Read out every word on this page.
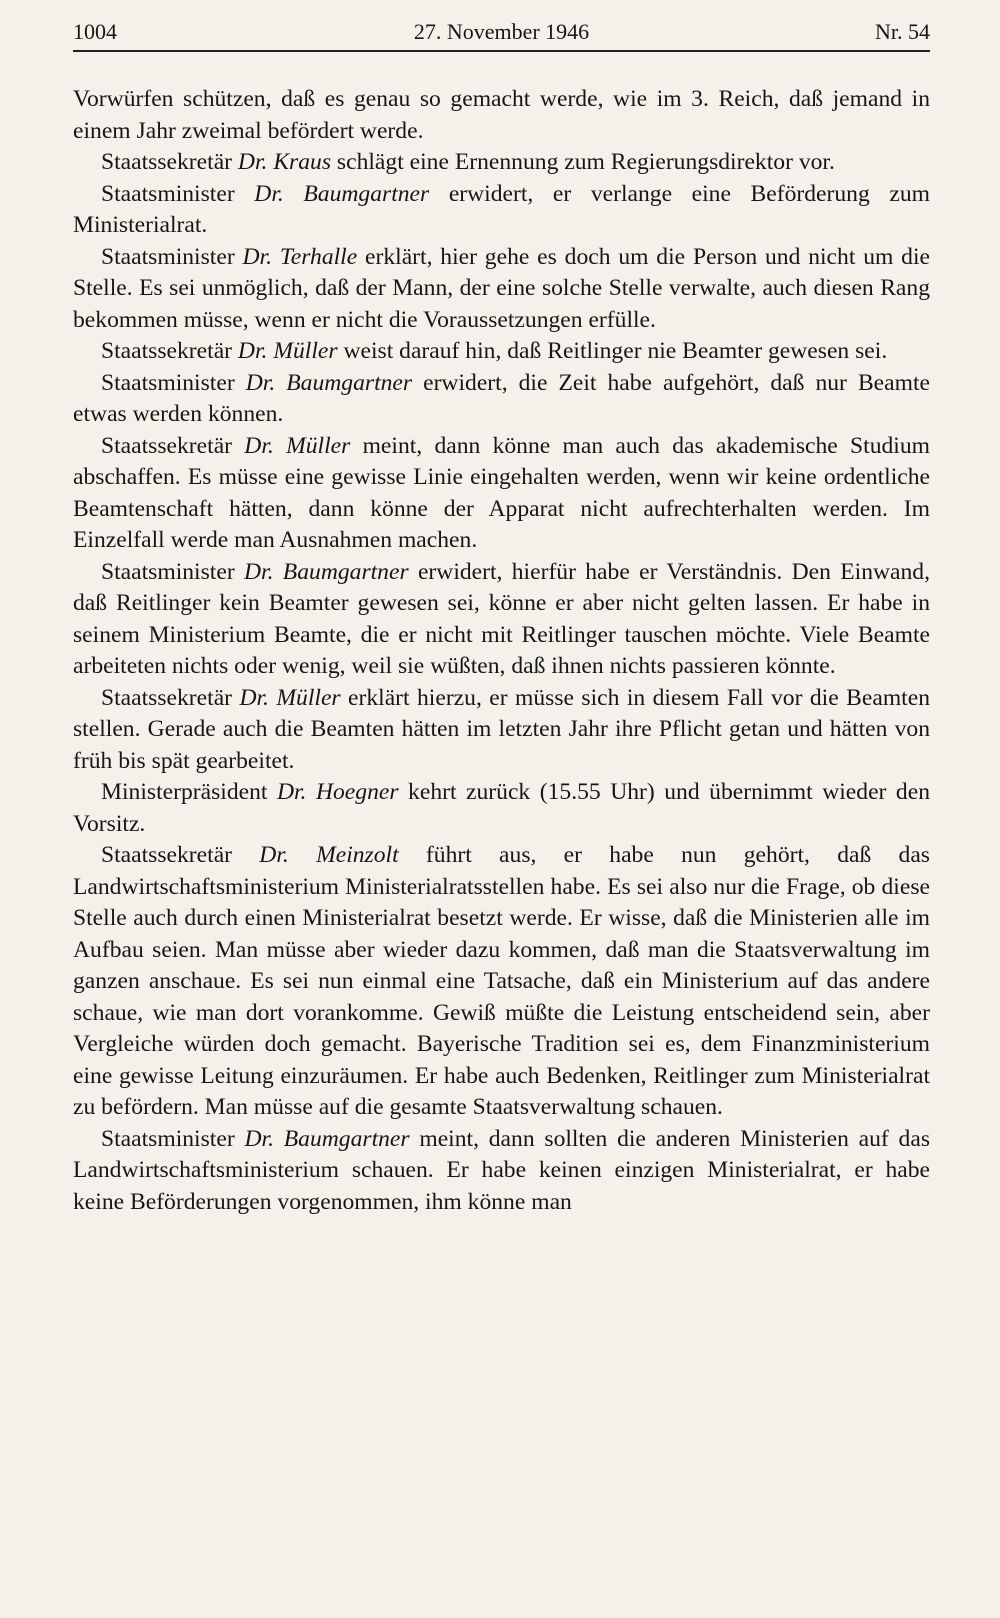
1004	27. November 1946	Nr. 54

Vorwürfen schützen, daß es genau so gemacht werde, wie im 3. Reich, daß jemand in einem Jahr zweimal befördert werde.

Staatssekretär Dr. Kraus schlägt eine Ernennung zum Regierungsdirektor vor.

Staatsminister Dr. Baumgartner erwidert, er verlange eine Beförderung zum Ministerialrat.

Staatsminister Dr. Terhalle erklärt, hier gehe es doch um die Person und nicht um die Stelle. Es sei unmöglich, daß der Mann, der eine solche Stelle verwalte, auch diesen Rang bekommen müsse, wenn er nicht die Voraussetzungen erfülle.

Staatssekretär Dr. Müller weist darauf hin, daß Reitlinger nie Beamter gewesen sei.

Staatsminister Dr. Baumgartner erwidert, die Zeit habe aufgehört, daß nur Beamte etwas werden können.

Staatssekretär Dr. Müller meint, dann könne man auch das akademische Studium abschaffen. Es müsse eine gewisse Linie eingehalten werden, wenn wir keine ordentliche Beamtenschaft hätten, dann könne der Apparat nicht aufrechterhalten werden. Im Einzelfall werde man Ausnahmen machen.

Staatsminister Dr. Baumgartner erwidert, hierfür habe er Verständnis. Den Einwand, daß Reitlinger kein Beamter gewesen sei, könne er aber nicht gelten lassen. Er habe in seinem Ministerium Beamte, die er nicht mit Reitlinger tauschen möchte. Viele Beamte arbeiteten nichts oder wenig, weil sie wüßten, daß ihnen nichts passieren könnte.

Staatssekretär Dr. Müller erklärt hierzu, er müsse sich in diesem Fall vor die Beamten stellen. Gerade auch die Beamten hätten im letzten Jahr ihre Pflicht getan und hätten von früh bis spät gearbeitet.

Ministerpräsident Dr. Hoegner kehrt zurück (15.55 Uhr) und übernimmt wieder den Vorsitz.

Staatssekretär Dr. Meinzolt führt aus, er habe nun gehört, daß das Landwirtschaftsministerium Ministerialratsstellen habe. Es sei also nur die Frage, ob diese Stelle auch durch einen Ministerialrat besetzt werde. Er wisse, daß die Ministerien alle im Aufbau seien. Man müsse aber wieder dazu kommen, daß man die Staatsverwaltung im ganzen anschaue. Es sei nun einmal eine Tatsache, daß ein Ministerium auf das andere schaue, wie man dort vorankomme. Gewiß müßte die Leistung entscheidend sein, aber Vergleiche würden doch gemacht. Bayerische Tradition sei es, dem Finanzministerium eine gewisse Leitung einzuräumen. Er habe auch Bedenken, Reitlinger zum Ministerialrat zu befördern. Man müsse auf die gesamte Staatsverwaltung schauen.

Staatsminister Dr. Baumgartner meint, dann sollten die anderen Ministerien auf das Landwirtschaftsministerium schauen. Er habe keinen einzigen Ministerialrat, er habe keine Beförderungen vorgenommen, ihm könne man
